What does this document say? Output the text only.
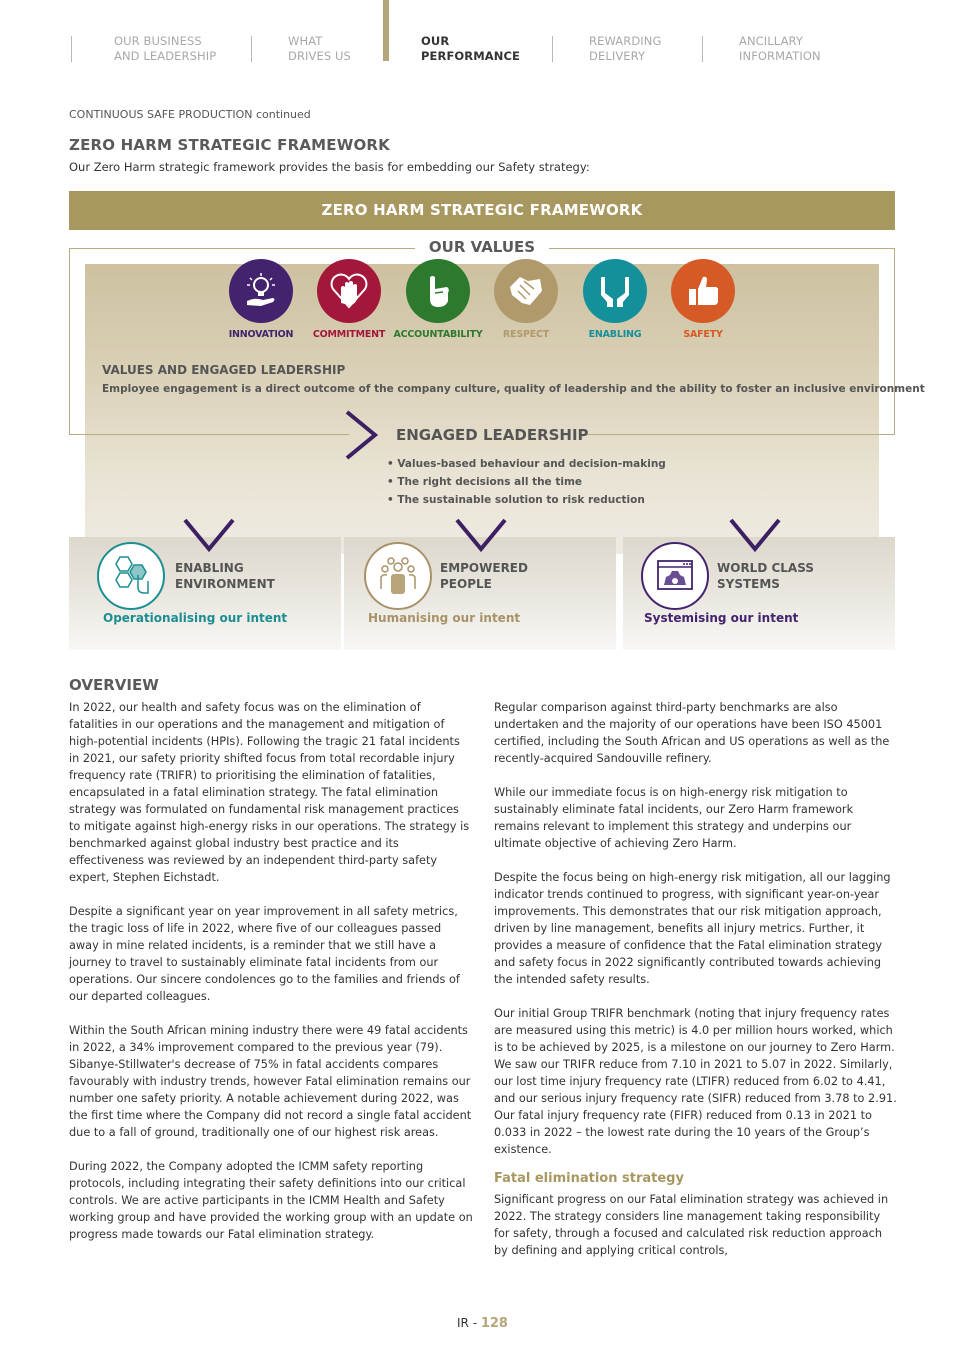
OUR BUSINESS
AND LEADERSHIP
WHAT
DRIVES US
OUR
PERFORMANCE
REWARDING
DELIVERY
ANCILLARY
INFORMATION
CONTINUOUS SAFE PRODUCTION continued
ZERO HARM STRATEGIC FRAMEWORK
Our Zero Harm strategic framework provides the basis for embedding our Safety strategy:
ZERO HARM STRATEGIC FRAMEWORK
OUR VALUES
INNOVATION	COMMITMENT ACCOUNTABILITY	RESPECT	ENABLING	SAFETY
VALUES AND ENGAGED LEADERSHIP
Employee engagement is a direct outcome of the company culture, quality of leadership and the ability to foster an inclusive environment
ENGAGED LEADERSHIP
• Values-based behaviour and decision-making
• The right decisions all the time
• The sustainable solution to risk reduction
ENABLING
ENVIRONMENT
Operationalising our intent
EMPOWERED
PEOPLE
Humanising our intent
WORLD CLASS
SYSTEMS
Systemising our intent
OVERVIEW

In 2022, our health and safety focus was on the elimination of fatalities in our operations and the management and mitigation of high-potential incidents (HPIs). Following the tragic 21 fatal incidents in 2021, our safety priority shifted focus from total recordable injury frequency rate (TRIFR) to prioritising the elimination of fatalities, encapsulated in a fatal elimination strategy. The fatal elimination strategy was formulated on fundamental risk management practices to mitigate against high-energy risks in our operations. The strategy is benchmarked against global industry best practice and its effectiveness was reviewed by an independent third-party safety expert, Stephen Eichstadt.

Despite a significant year on year improvement in all safety metrics, the tragic loss of life in 2022, where five of our colleagues passed away in mine related incidents, is a reminder that we still have a journey to travel to sustainably eliminate fatal incidents from our operations. Our sincere condolences go to the families and friends of our departed colleagues.

Within the South African mining industry there were 49 fatal accidents in 2022, a 34% improvement compared to the previous year (79). Sibanye-Stillwater's decrease of 75% in fatal accidents compares favourably with industry trends, however Fatal elimination remains our number one safety priority. A notable achievement during 2022, was the first time where the Company did not record a single fatal accident due to a fall of ground, traditionally one of our highest risk areas.

During 2022, the Company adopted the ICMM safety reporting protocols, including integrating their safety definitions into our critical controls. We are active participants in the ICMM Health and Safety working group and have provided the working group with an update on progress made towards our Fatal elimination strategy.

Regular comparison against third-party benchmarks are also undertaken and the majority of our operations have been ISO 45001 certified, including the South African and US operations as well as the recently-acquired Sandouville refinery.

While our immediate focus is on high-energy risk mitigation to sustainably eliminate fatal incidents, our Zero Harm framework remains relevant to implement this strategy and underpins our ultimate objective of achieving Zero Harm.

Despite the focus being on high-energy risk mitigation, all our lagging indicator trends continued to progress, with significant year-on-year improvements. This demonstrates that our risk mitigation approach, driven by line management, benefits all injury metrics. Further, it provides a measure of confidence that the Fatal elimination strategy and safety focus in 2022 significantly contributed towards achieving the intended safety results.

Our initial Group TRIFR benchmark (noting that injury frequency rates are measured using this metric) is 4.0 per million hours worked, which is to be achieved by 2025, is a milestone on our journey to Zero Harm. We saw our TRIFR reduce from 7.10 in 2021 to 5.07 in 2022. Similarly, our lost time injury frequency rate (LTIFR) reduced from 6.02 to 4.41, and our serious injury frequency rate (SIFR) reduced from 3.78 to 2.91. Our fatal injury frequency rate (FIFR) reduced from 0.13 in 2021 to 0.033 in 2022 – the lowest rate during the 10 years of the Group’s existence.

Fatal elimination strategy

Significant progress on our Fatal elimination strategy was achieved in 2022. The strategy considers line management taking responsibility for safety, through a focused and calculated risk reduction approach by defining and applying critical controls,

IR - 128
